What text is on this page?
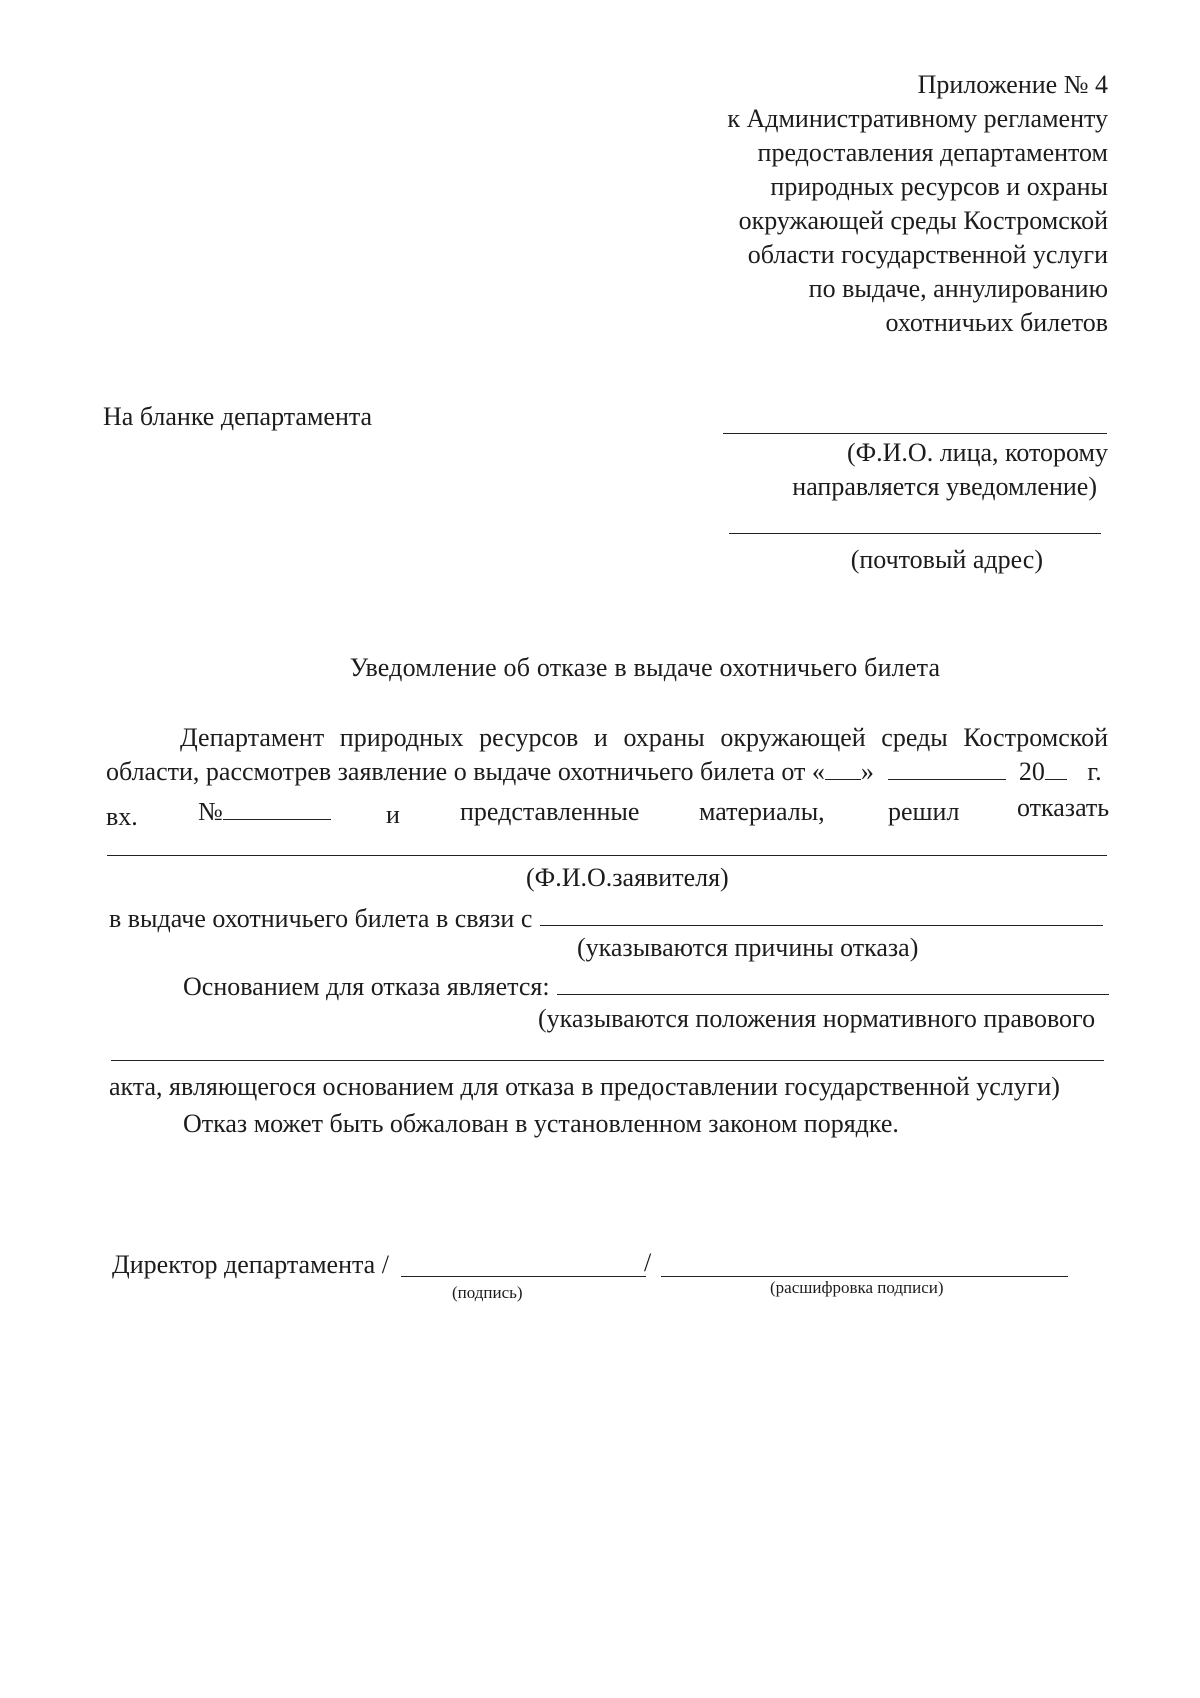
Приложение № 4
к Административному регламенту
предоставления департаментом
природных ресурсов и охраны
окружающей среды Костромской
области государственной услуги
по выдаче, аннулированию
охотничьих билетов
На бланке департамента
(Ф.И.О. лица, которому
направляется уведомление)
(почтовый адрес)
Уведомление об отказе в выдаче охотничьего билета
Департамент природных ресурсов и охраны окружающей среды Костромской
области, рассмотрев заявление о выдаче охотничьего билета от « »	20 г.
вх. №	и представленные материалы, решил отказать
(Ф.И.О.заявителя)
в выдаче охотничьего билета в связи с
(указываются причины отказа)
Основанием для отказа является:
(указываются положения нормативного правового
акта, являющегося основанием для отказа в предоставлении государственной услуги)
Отказ может быть обжалован в установленном законом порядке.
Директор департамента /	/
(подпись)	(расшифровка подписи)
